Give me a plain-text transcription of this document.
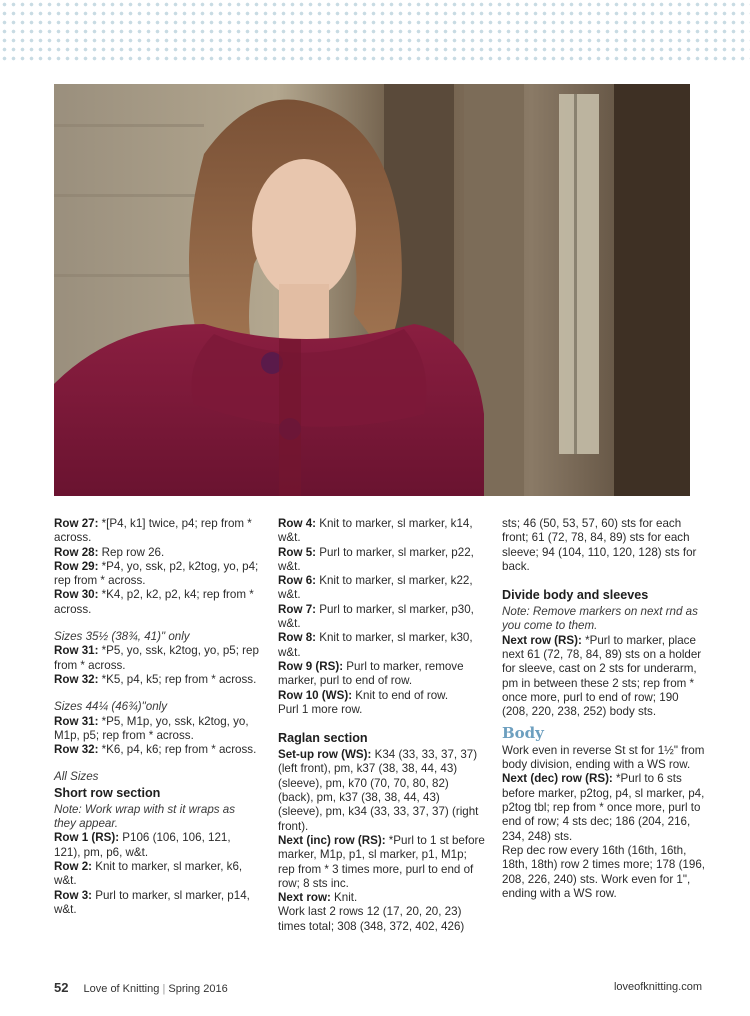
Row 27: *[P4, k1] twice, p4; rep from * across.

Row 28: Rep row 26.

Row 29: *P4, yo, ssk, p2, k2tog, yo, p4; rep from * across.

Row 30: *K4, p2, k2, p2, k4; rep from * across.

Sizes 35½ (38¾, 41)" only

Row 31: *P5, yo, ssk, k2tog, yo, p5; rep from * across.

Row 32: *K5, p4, k5; rep from * across.

Sizes 44¼ (46¾)"only

Row 31: *P5, M1p, yo, ssk, k2tog, yo, M1p, p5; rep from * across.

Row 32: *K6, p4, k6; rep from * across.

All Sizes

Short row section

Note: Work wrap with st it wraps as they appear.

Row 1 (RS): P106 (106, 106, 121, 121), pm, p6, w&t.

Row 2: Knit to marker, sl marker, k6, w&t.

Row 3: Purl to marker, sl marker, p14, w&t.

Row 4: Knit to marker, sl marker, k14, w&t.

Row 5: Purl to marker, sl marker, p22, w&t.

Row 6: Knit to marker, sl marker, k22, w&t.

Row 7: Purl to marker, sl marker, p30, w&t.

Row 8: Knit to marker, sl marker, k30, w&t.

Row 9 (RS): Purl to marker, remove marker, purl to end of row.

Row 10 (WS): Knit to end of row.

Purl 1 more row.

Raglan section

Set-up row (WS): K34 (33, 33, 37, 37) (left front), pm, k37 (38, 38, 44, 43) (sleeve), pm, k70 (70, 70, 80, 82) (back), pm, k37 (38, 38, 44, 43) (sleeve), pm, k34 (33, 33, 37, 37) (right front).

Next (inc) row (RS): *Purl to 1 st before marker, M1p, p1, sl marker, p1, M1p; rep from * 3 times more, purl to end of row; 8 sts inc.

Next row: Knit.

Work last 2 rows 12 (17, 20, 20, 23) times total; 308 (348, 372, 402, 426)

sts; 46 (50, 53, 57, 60) sts for each front; 61 (72, 78, 84, 89) sts for each sleeve; 94 (104, 110, 120, 128) sts for back.

Divide body and sleeves

Note: Remove markers on next rnd as you come to them.

Next row (RS): *Purl to marker, place next 61 (72, 78, 84, 89) sts on a holder for sleeve, cast on 2 sts for underarm, pm in between these 2 sts; rep from * once more, purl to end of row; 190 (208, 220, 238, 252) body sts.

Body

Work even in reverse St st for 1½" from body division, ending with a WS row.

Next (dec) row (RS): *Purl to 6 sts before marker, p2tog, p4, sl marker, p4, p2tog tbl; rep from * once more, purl to end of row; 4 sts dec; 186 (204, 216, 234, 248) sts.

Rep dec row every 16th (16th, 16th, 18th, 18th) row 2 times more; 178 (196, 208, 226, 240) sts. Work even for 1", ending with a WS row.

52 Love of Knitting | Spring 2016	loveofknitting.com
